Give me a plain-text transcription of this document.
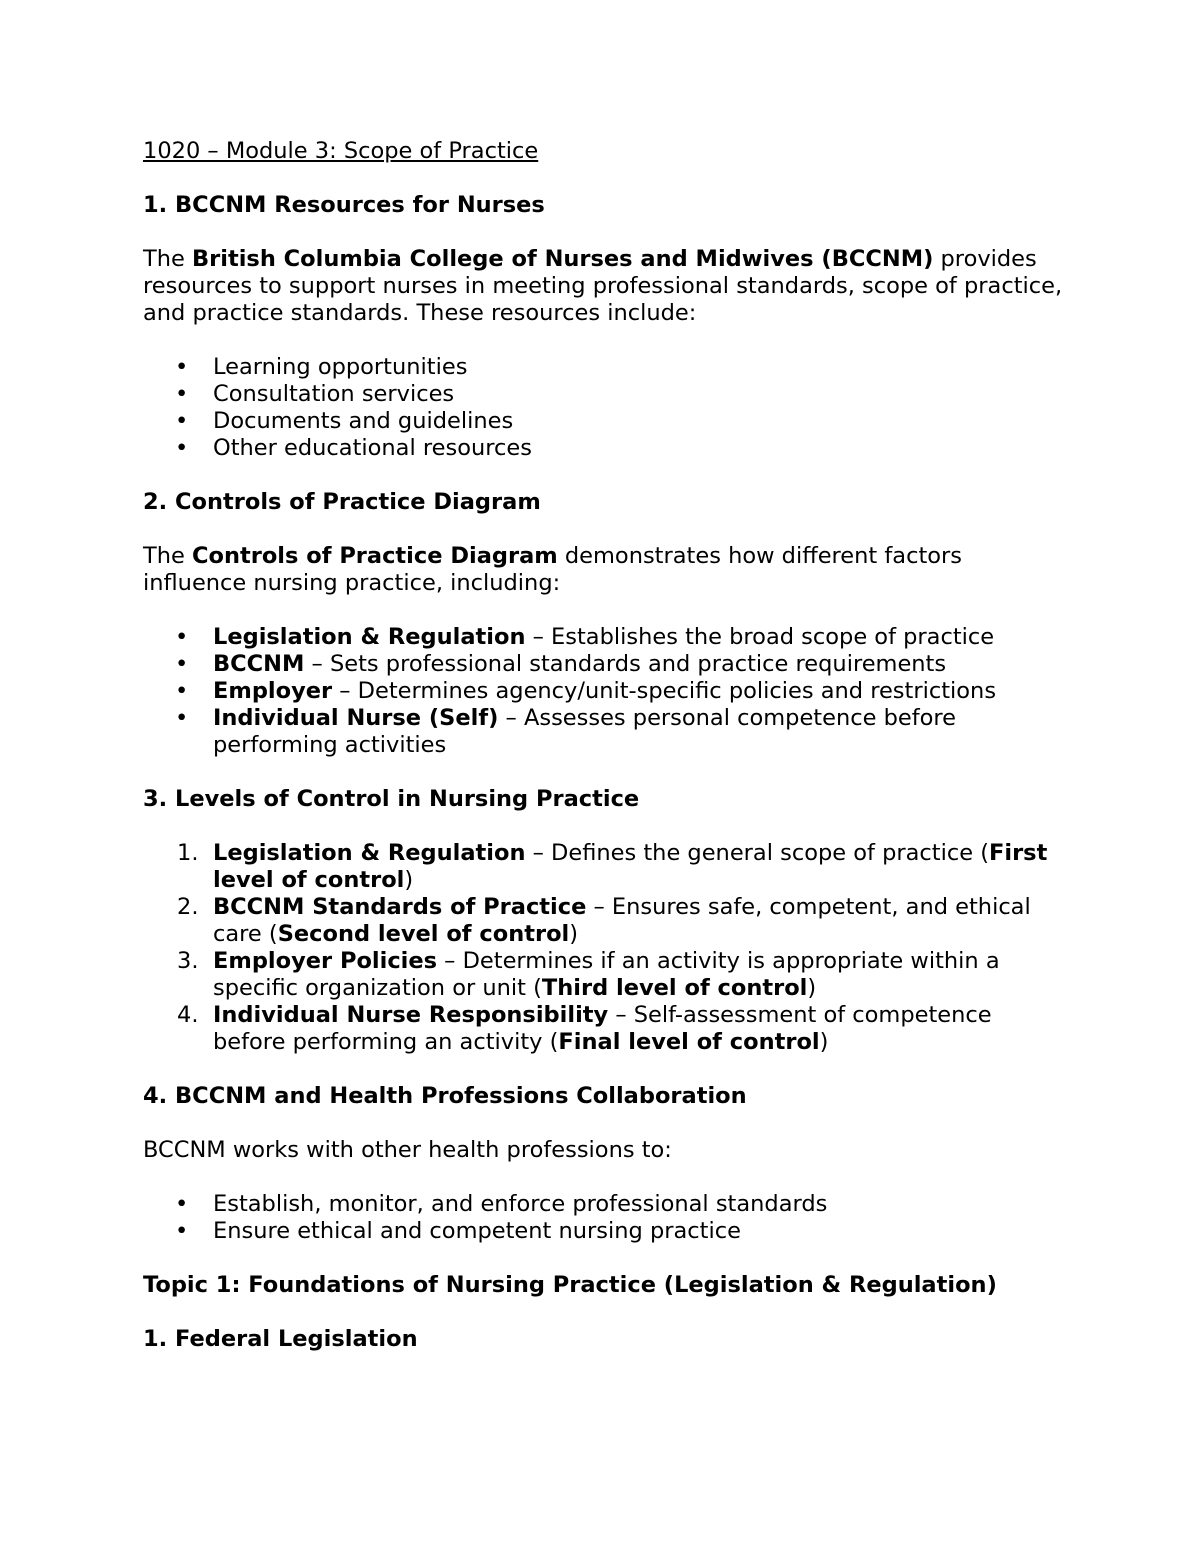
1020 – Module 3: Scope of Practice
1. BCCNM Resources for Nurses

The British Columbia College of Nurses and Midwives (BCCNM) provides resources to support nurses in meeting professional standards, scope of practice, and practice standards. These resources include:

• Learning opportunities
• Consultation services
• Documents and guidelines
• Other educational resources
2. Controls of Practice Diagram

The Controls of Practice Diagram demonstrates how different factors influence nursing practice, including:

• Legislation & Regulation – Establishes the broad scope of practice
• BCCNM – Sets professional standards and practice requirements
• Employer – Determines agency/unit-specific policies and restrictions
• Individual Nurse (Self) – Assesses personal competence before performing activities
3. Levels of Control in Nursing Practice
1. Legislation & Regulation – Defines the general scope of practice (First level of control)
2. BCCNM Standards of Practice – Ensures safe, competent, and ethical care (Second level of control)
3. Employer Policies – Determines if an activity is appropriate within a specific organization or unit (Third level of control)
4. Individual Nurse Responsibility – Self-assessment of competence before performing an activity (Final level of control)
4. BCCNM and Health Professions Collaboration

BCCNM works with other health professions to:

• Establish, monitor, and enforce professional standards
• Ensure ethical and competent nursing practice
Topic 1: Foundations of Nursing Practice (Legislation & Regulation)
1. Federal Legislation
